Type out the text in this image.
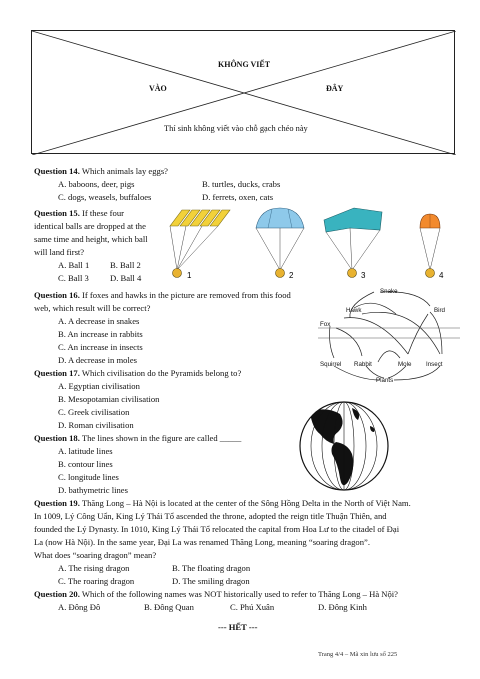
KHÔNG VIẾT
VÀO	ĐÂY
Thí sinh không viết vào chỗ gạch chéo này
Question 14. Which animals lay eggs?
A. baboons, deer, pigs	B. turtles, ducks, crabs
C. dogs, weasels, buffaloes	D. ferrets, oxen, cats
Question 15. If these four
identical balls are dropped at the
same time and height, which ball
will land first?
A. Ball 1 B. Ball 2
C. Ball 3 D. Ball 4	1	2	3	4
Question 16. If foxes and hawks in the picture are removed from this food
web, which result will be correct?
A. A decrease in snakes
B. An increase in rabbits
C. An increase in insects
D. A decrease in moles
Snake
Hawk	Bird
Fox
Squirrel Rabbit	Mole Insect
Plants
Question 17. Which civilisation do the Pyramids belong to?
A. Egyptian civilisation
B. Mesopotamian civilisation
C. Greek civilisation
D. Roman civilisation
Question 18. The lines shown in the figure are called _____
A. latitude lines
B. contour lines
C. longitude lines
D. bathymetric lines
Question 19. Thăng Long – Hà Nội is located at the center of the Sông Hồng Delta in the North of Việt Nam.
In 1009, Lý Công Uẩn, King Lý Thái Tổ ascended the throne, adopted the reign title Thuận Thiên, and
founded the Lý Dynasty. In 1010, King Lý Thái Tổ relocated the capital from Hoa Lư to the citadel of Đại
La (now Hà Nội). In the same year, Đại La was renamed Thăng Long, meaning “soaring dragon”.
What does “soaring dragon” mean?
A. The rising dragon	B. The floating dragon
C. The roaring dragon	D. The smiling dragon
Question 20. Which of the following names was NOT historically used to refer to Thăng Long – Hà Nội?
A. Đông Đô	B. Đông Quan	C. Phú Xuân	D. Đông Kinh
--- HẾT ---
Trang 4/4 – Mã xin lưu số 225
